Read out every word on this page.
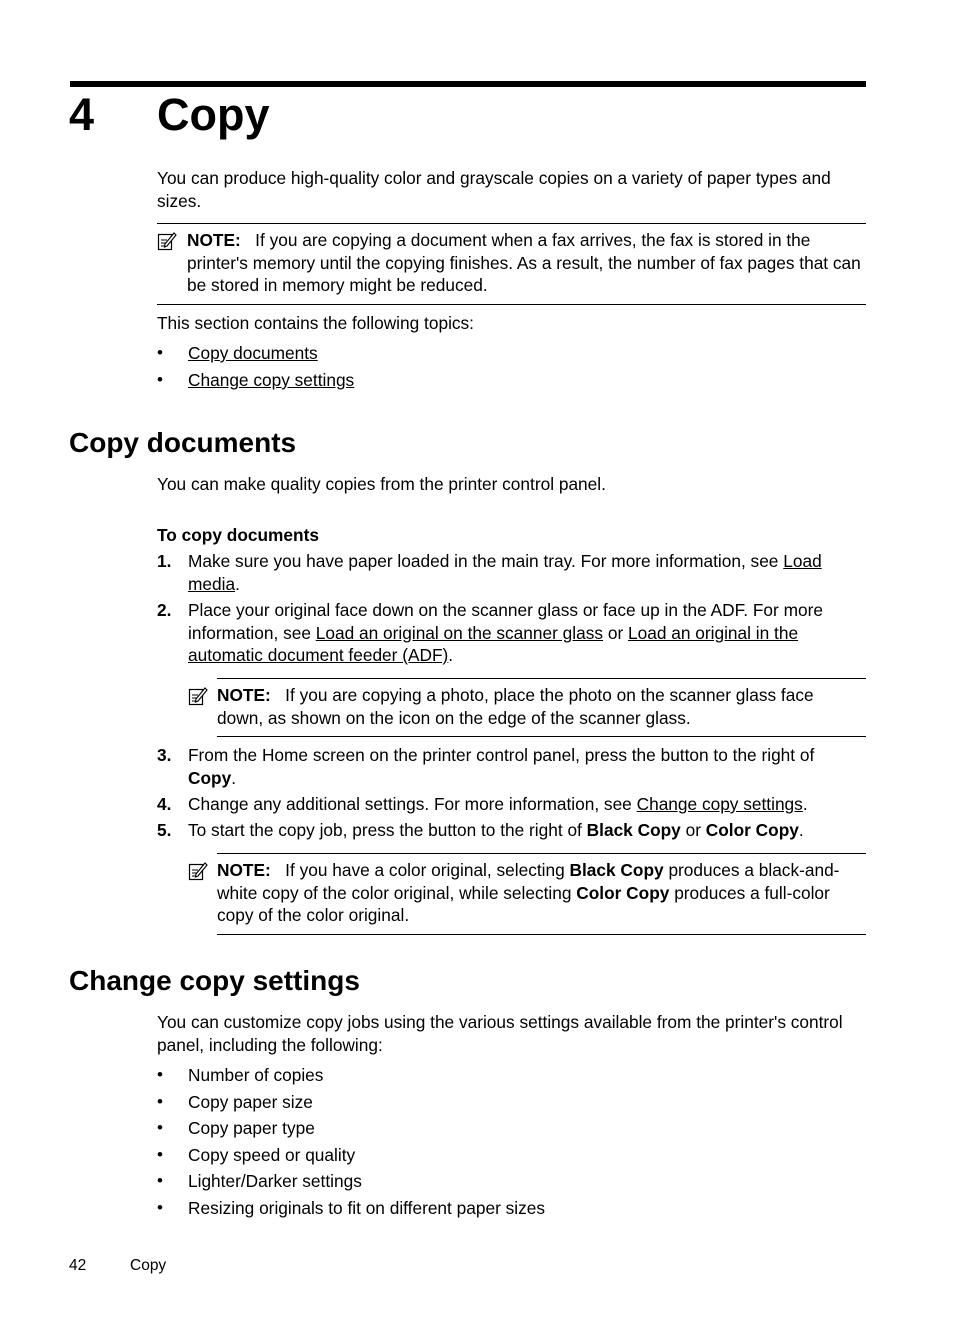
4 Copy
You can produce high-quality color and grayscale copies on a variety of paper types and sizes.
NOTE: If you are copying a document when a fax arrives, the fax is stored in the printer's memory until the copying finishes. As a result, the number of fax pages that can be stored in memory might be reduced.
This section contains the following topics:
• Copy documents
• Change copy settings
Copy documents
You can make quality copies from the printer control panel.
To copy documents
1. Make sure you have paper loaded in the main tray. For more information, see Load media.
2. Place your original face down on the scanner glass or face up in the ADF. For more information, see Load an original on the scanner glass or Load an original in the automatic document feeder (ADF).
NOTE: If you are copying a photo, place the photo on the scanner glass face down, as shown on the icon on the edge of the scanner glass.
3. From the Home screen on the printer control panel, press the button to the right of Copy.
4. Change any additional settings. For more information, see Change copy settings.
5. To start the copy job, press the button to the right of Black Copy or Color Copy.
NOTE: If you have a color original, selecting Black Copy produces a black-and-white copy of the color original, while selecting Color Copy produces a full-color copy of the color original.
Change copy settings
You can customize copy jobs using the various settings available from the printer's control panel, including the following:
• Number of copies
• Copy paper size
• Copy paper type
• Copy speed or quality
• Lighter/Darker settings
• Resizing originals to fit on different paper sizes
42	Copy
